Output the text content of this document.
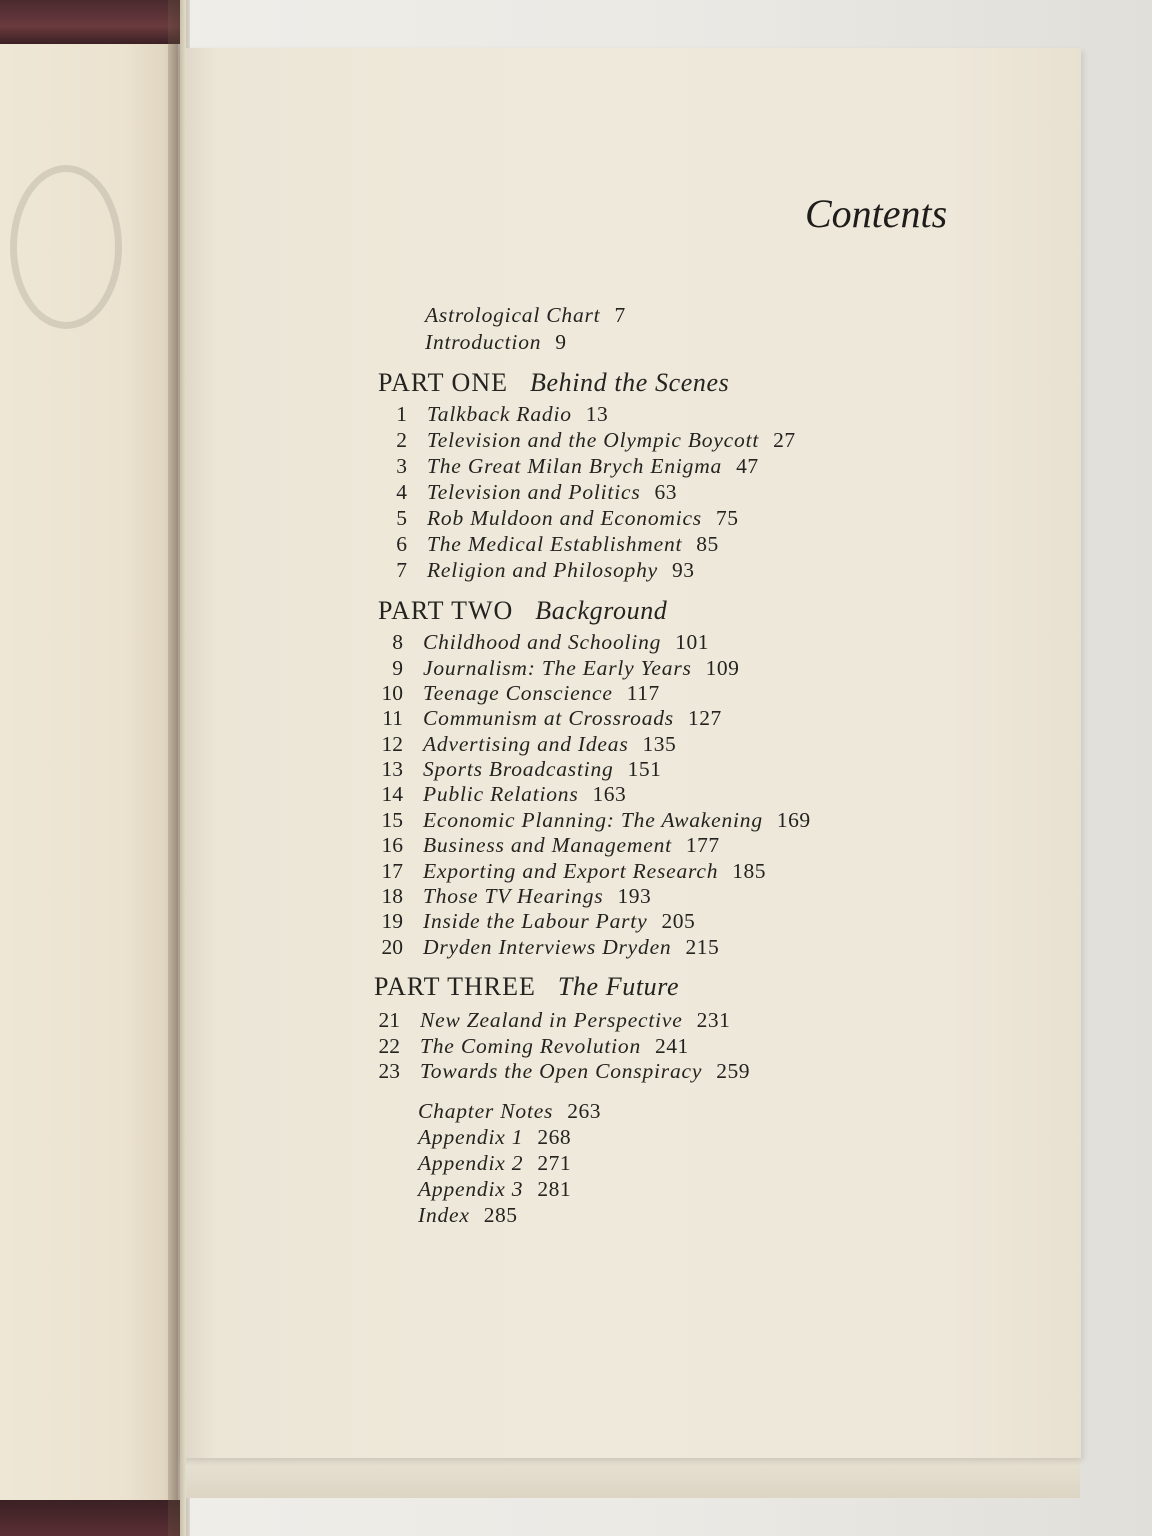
Contents
Astrological Chart 7
Introduction 9
PART ONE Behind the Scenes
1 Talkback Radio 13
2 Television and the Olympic Boycott 27
3 The Great Milan Brych Enigma 47
4 Television and Politics 63
5 Rob Muldoon and Economics 75
6 The Medical Establishment 85
7 Religion and Philosophy 93
PART TWO Background
8 Childhood and Schooling 101
9 Journalism: The Early Years 109
10 Teenage Conscience 117
11 Communism at Crossroads 127
12 Advertising and Ideas 135
13 Sports Broadcasting 151
14 Public Relations 163
15 Economic Planning: The Awakening 169
16 Business and Management 177
17 Exporting and Export Research 185
18 Those TV Hearings 193
19 Inside the Labour Party 205
20 Dryden Interviews Dryden 215
PART THREE The Future
21 New Zealand in Perspective 231
22 The Coming Revolution 241
23 Towards the Open Conspiracy 259
Chapter Notes 263
Appendix 1 268
Appendix 2 271
Appendix 3 281
Index 285
